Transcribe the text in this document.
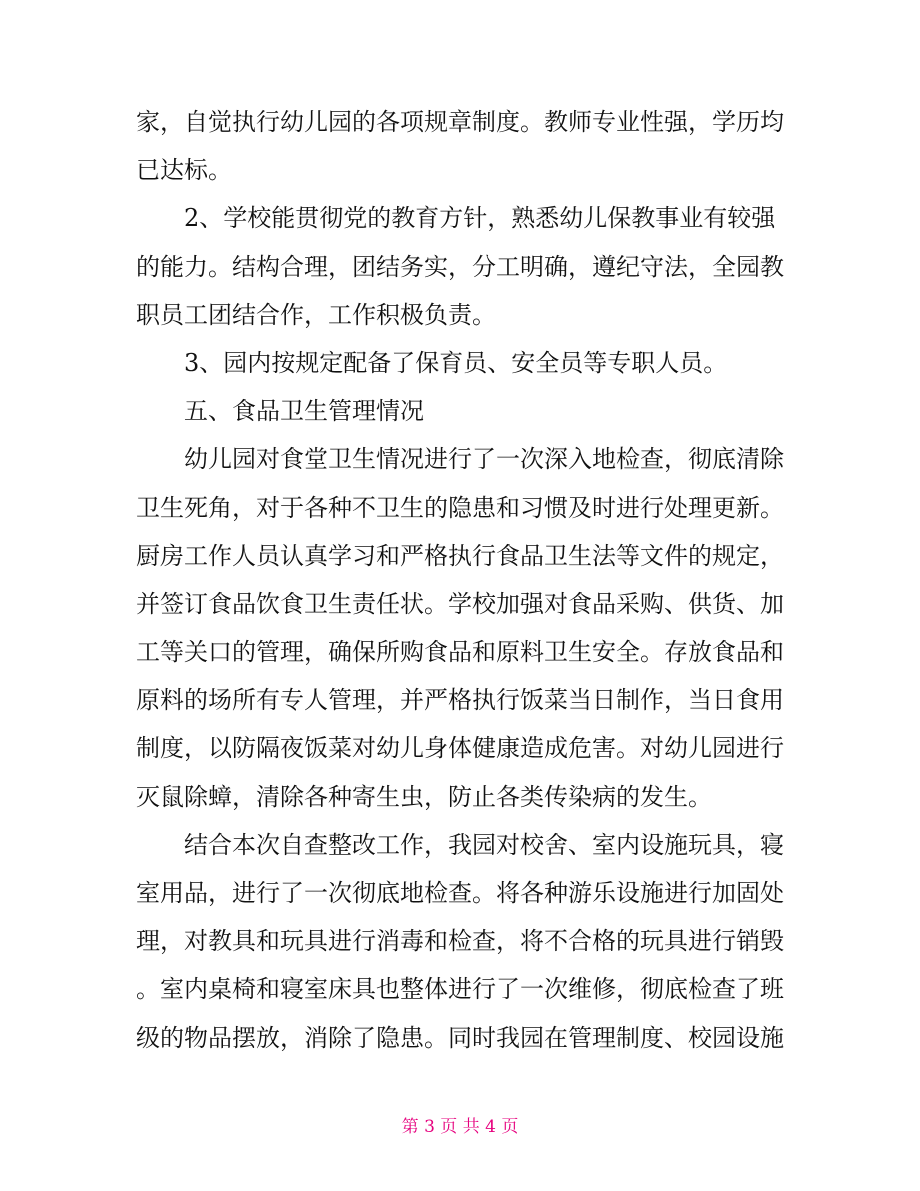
家，自觉执行幼儿园的各项规章制度。教师专业性强，学历均
已达标。
2、学校能贯彻党的教育方针，熟悉幼儿保教事业有较强
的能力。结构合理，团结务实，分工明确，遵纪守法，全园教
职员工团结合作，工作积极负责。
3、园内按规定配备了保育员、安全员等专职人员。
五、食品卫生管理情况
幼儿园对食堂卫生情况进行了一次深入地检查，彻底清除
卫生死角，对于各种不卫生的隐患和习惯及时进行处理更新。
厨房工作人员认真学习和严格执行食品卫生法等文件的规定，
并签订食品饮食卫生责任状。学校加强对食品采购、供货、加
工等关口的管理，确保所购食品和原料卫生安全。存放食品和
原料的场所有专人管理，并严格执行饭菜当日制作，当日食用
制度，以防隔夜饭菜对幼儿身体健康造成危害。对幼儿园进行
灭鼠除蟑，清除各种寄生虫，防止各类传染病的发生。
结合本次自查整改工作，我园对校舍、室内设施玩具，寝
室用品，进行了一次彻底地检查。将各种游乐设施进行加固处
理，对教具和玩具进行消毒和检查，将不合格的玩具进行销毁
。室内桌椅和寝室床具也整体进行了一次维修，彻底检查了班
级的物品摆放，消除了隐患。同时我园在管理制度、校园设施
第 3 页 共 4 页
